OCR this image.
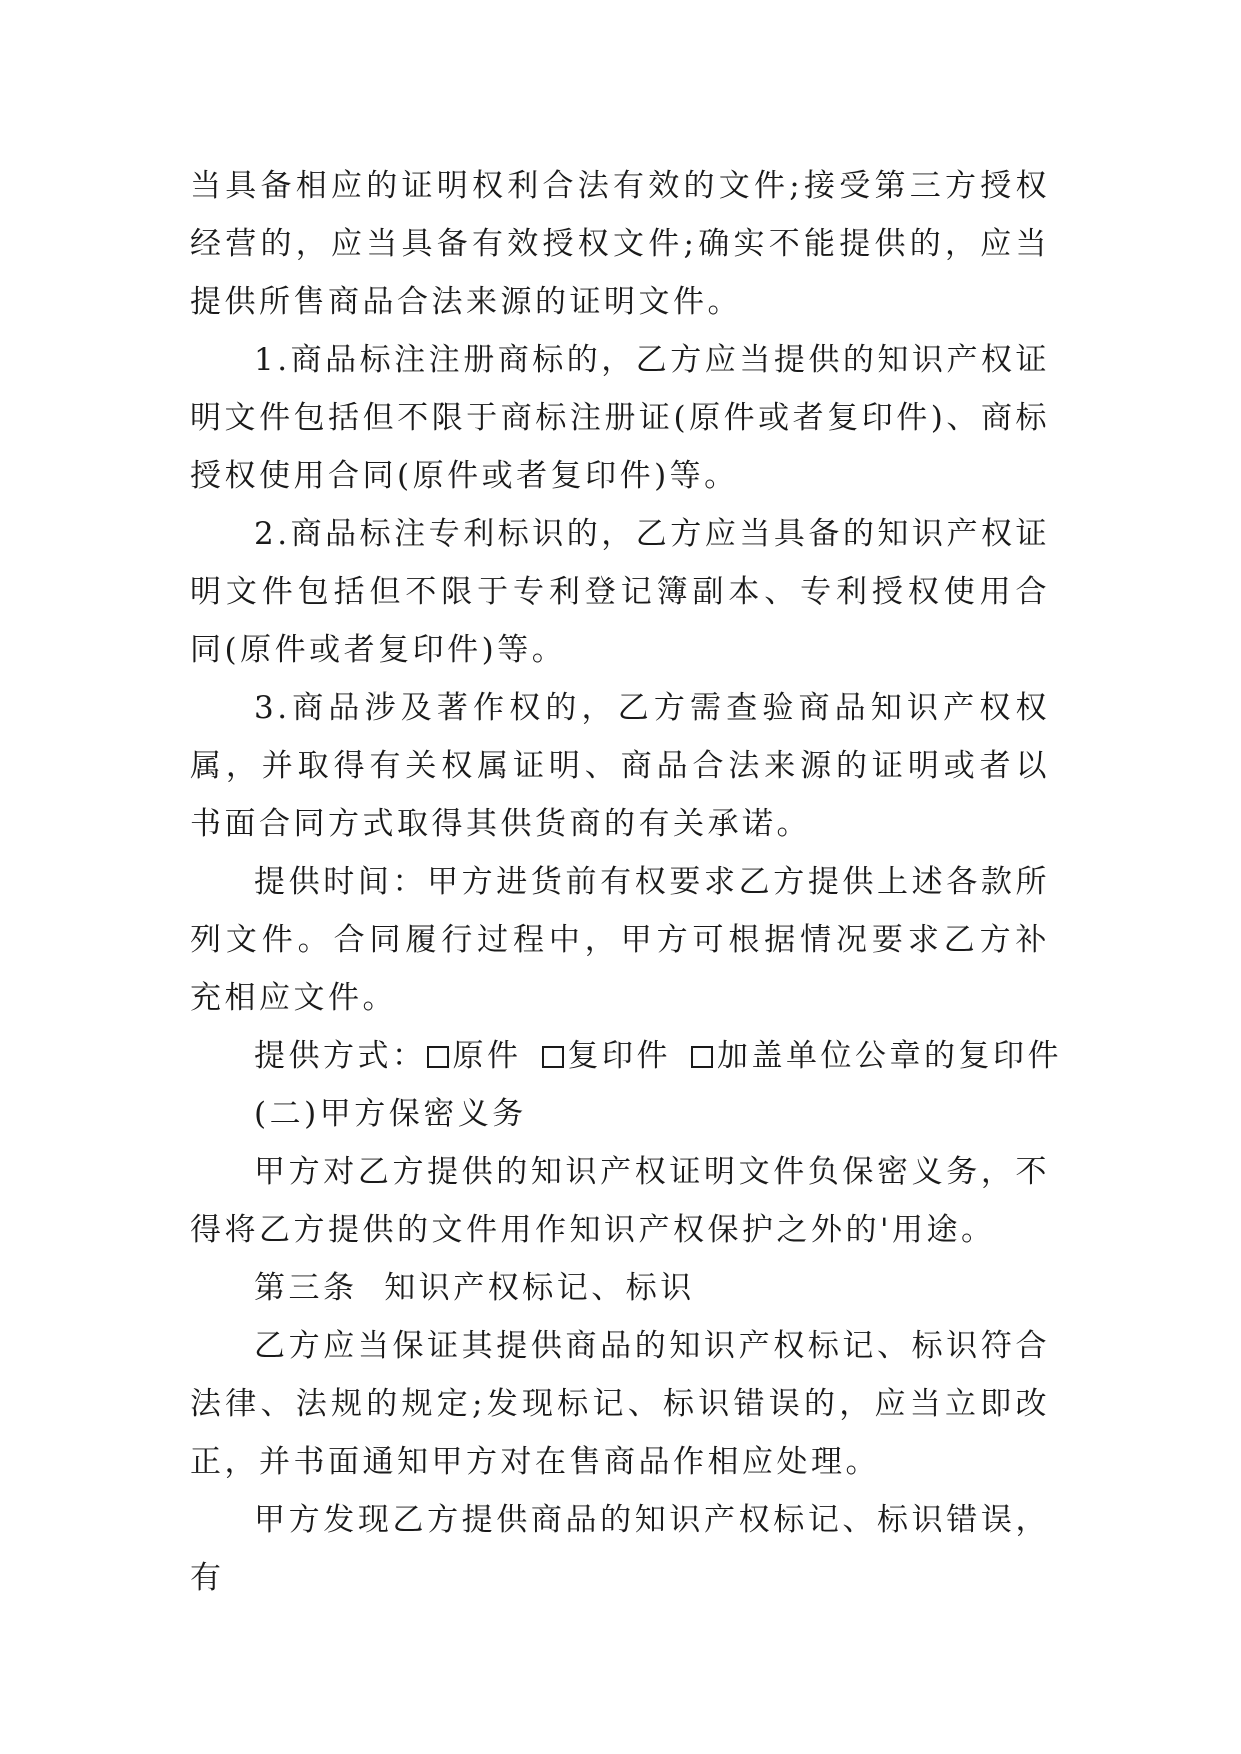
当具备相应的证明权利合法有效的文件;接受第三方授权经营的，应当具备有效授权文件;确实不能提供的，应当提供所售商品合法来源的证明文件。

1.商品标注注册商标的，乙方应当提供的知识产权证明文件包括但不限于商标注册证(原件或者复印件)、商标授权使用合同(原件或者复印件)等。

2.商品标注专利标识的，乙方应当具备的知识产权证明文件包括但不限于专利登记簿副本、专利授权使用合同(原件或者复印件)等。

3.商品涉及著作权的，乙方需查验商品知识产权权属，并取得有关权属证明、商品合法来源的证明或者以书面合同方式取得其供货商的有关承诺。

提供时间：甲方进货前有权要求乙方提供上述各款所列文件。合同履行过程中，甲方可根据情况要求乙方补充相应文件。

提供方式： 原件 复印件 加盖单位公章的复印件

(二)甲方保密义务

甲方对乙方提供的知识产权证明文件负保密义务，不得将乙方提供的文件用作知识产权保护之外的'用途。

第三条  知识产权标记、标识

乙方应当保证其提供商品的知识产权标记、标识符合法律、法规的规定;发现标记、标识错误的，应当立即改正，并书面通知甲方对在售商品作相应处理。

甲方发现乙方提供商品的知识产权标记、标识错误，有
